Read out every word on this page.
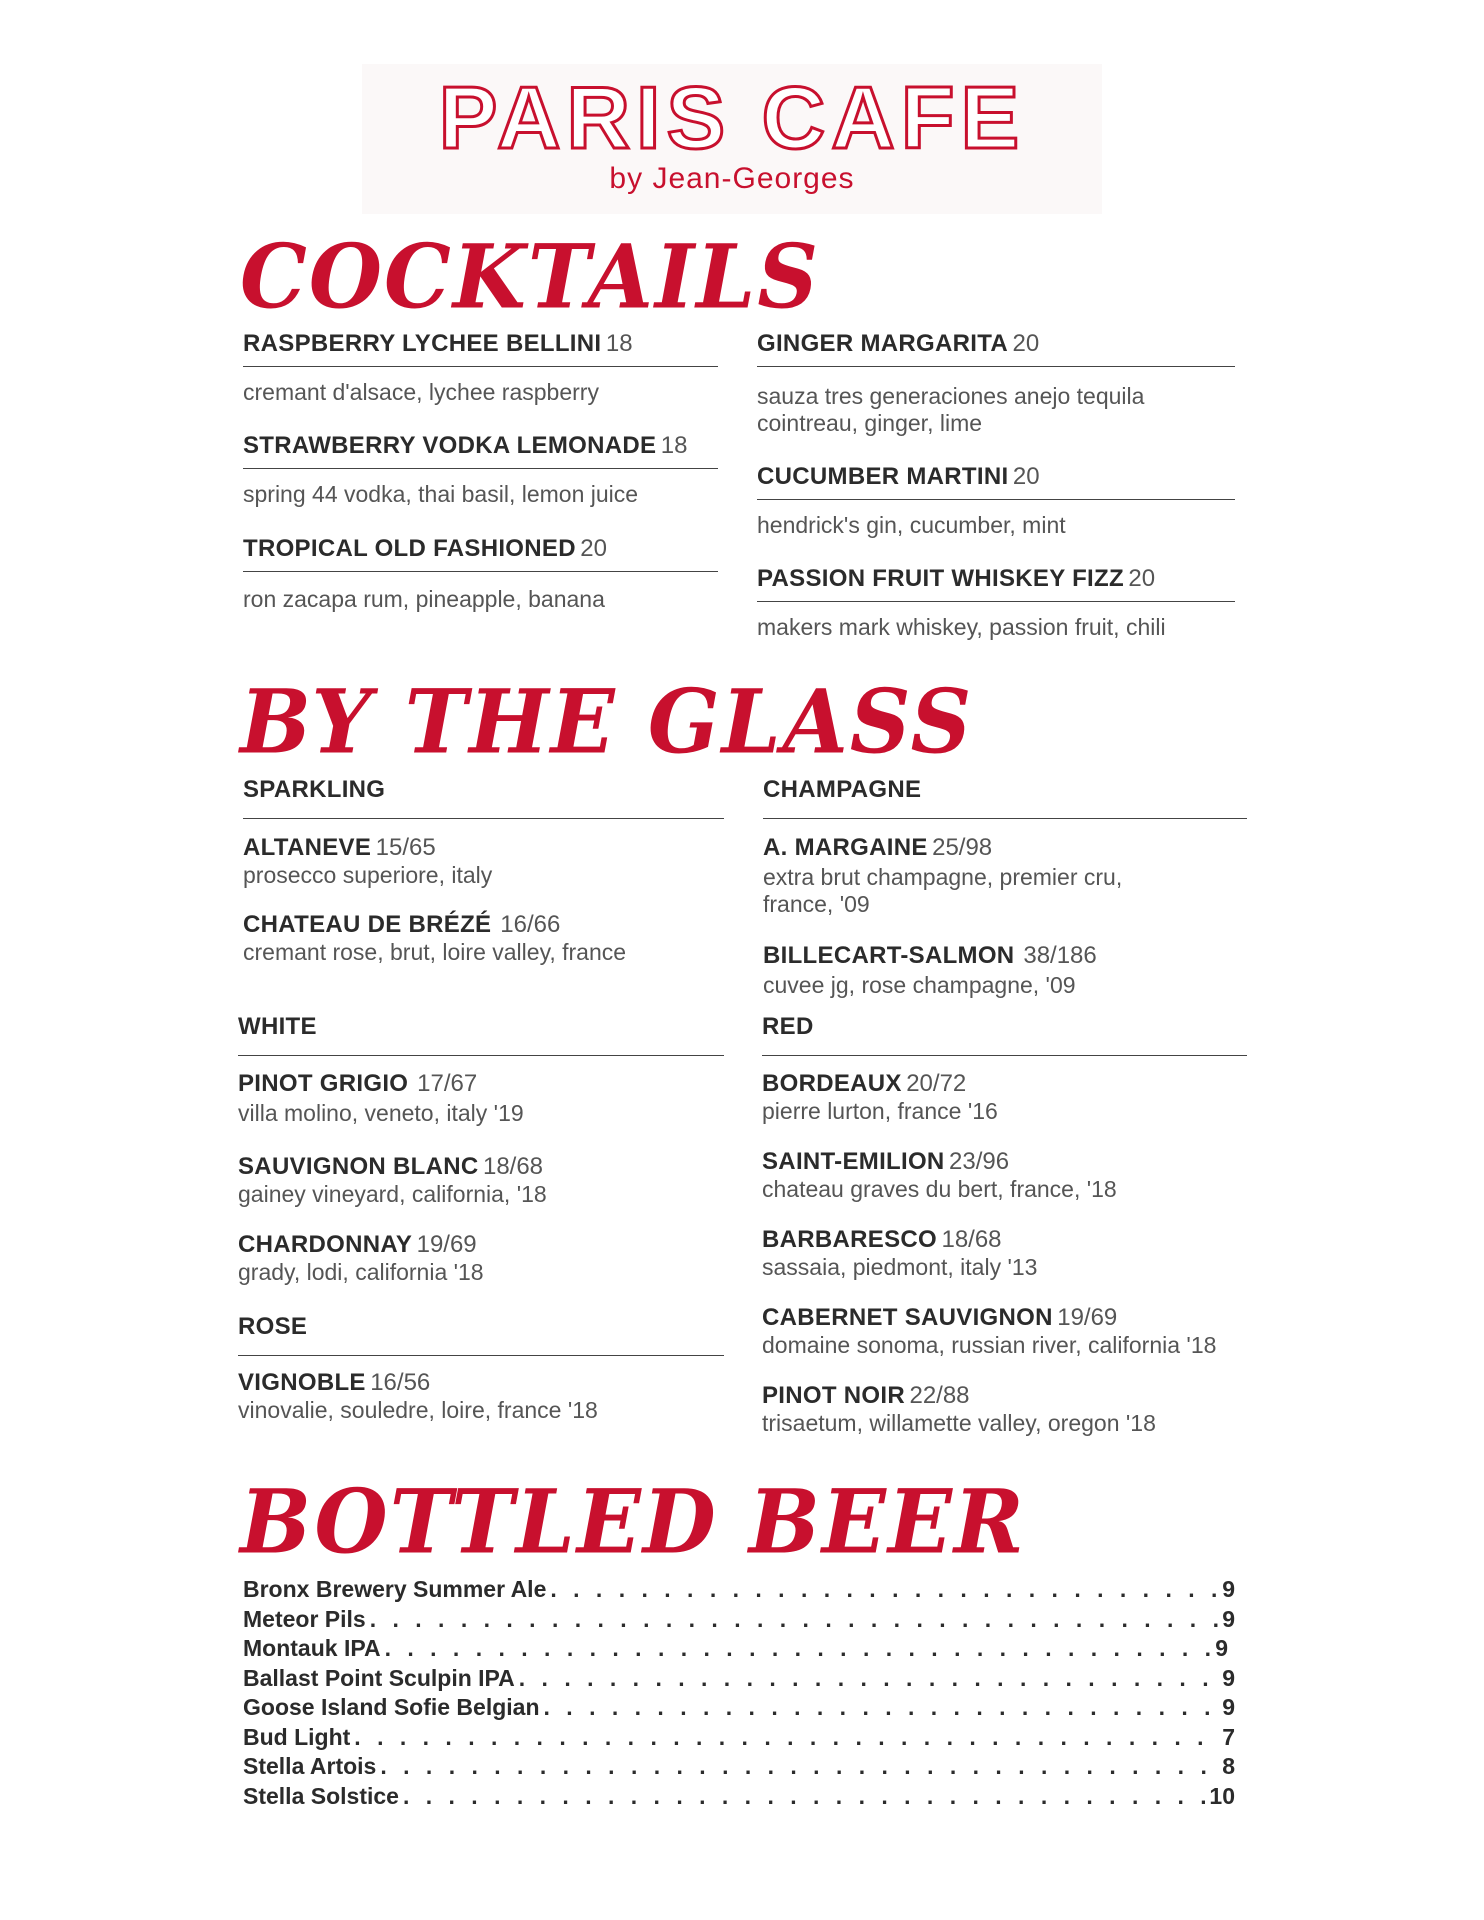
PARIS CAFE
by Jean-Georges
COCKTAILS
RASPBERRY LYCHEE BELLINI 18
cremant d'alsace, lychee raspberry
STRAWBERRY VODKA LEMONADE 18
spring 44 vodka, thai basil, lemon juice
TROPICAL OLD FASHIONED 20
ron zacapa rum, pineapple, banana
GINGER MARGARITA 20
sauza tres generaciones anejo tequila
cointreau, ginger, lime
CUCUMBER MARTINI 20
hendrick's gin, cucumber, mint
PASSION FRUIT WHISKEY FIZZ 20
makers mark whiskey, passion fruit, chili
BY THE GLASS
SPARKLING
ALTANEVE 15/65
prosecco superiore, italy
CHATEAU DE BRÉZÉ 16/66
cremant rose, brut, loire valley, france
CHAMPAGNE
A. MARGAINE 25/98
extra brut champagne, premier cru,
france, '09
BILLECART-SALMON 38/186
cuvee jg, rose champagne, '09
WHITE
PINOT GRIGIO 17/67
villa molino, veneto, italy '19
SAUVIGNON BLANC 18/68
gainey vineyard, california, '18
CHARDONNAY 19/69
grady, lodi, california '18
ROSE
VIGNOBLE 16/56
vinovalie, souledre, loire, france '18
RED
BORDEAUX 20/72
pierre lurton, france '16
SAINT-EMILION 23/96
chateau graves du bert, france, '18
BARBARESCO 18/68
sassaia, piedmont, italy '13
CABERNET SAUVIGNON 19/69
domaine sonoma, russian river, california '18
PINOT NOIR 22/88
trisaetum, willamette valley, oregon '18
BOTTLED BEER
Bronx Brewery Summer Ale . . .	9
Meteor Pils . . .	9
Montauk IPA . . .	9
Ballast Point Sculpin IPA . . .	9
Goose Island Sofie Belgian . . .	9
Bud Light . . .	7
Stella Artois . . .	8
Stella Solstice . . .	10
